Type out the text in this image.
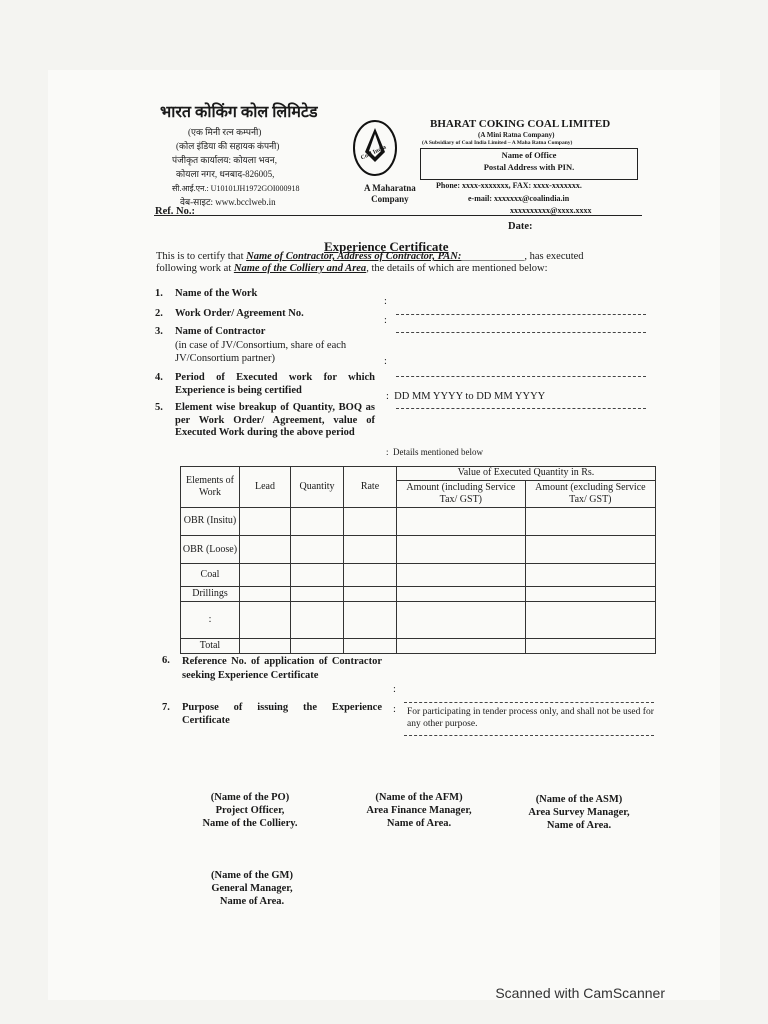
भारत कोकिंग कोल लिमिटेड
(एक मिनी रत्न कम्पनी)
(कोल इंडिया की सहायक कंपनी)
पंजीकृत कार्यालय: कोयला भवन,
कोयला नगर, धनबाद-826005,
सी.आई.एन.: U10101JH1972GOI000918
वेब-साइट: www.bcclweb.in
Coal India
A Maharatna
Company
BHARAT COKING COAL LIMITED
(A Mini Ratna Company)
(A Subsidiary of Coal India Limited – A Maha Ratna Company)
Name of Office
Postal Address with PIN.
Phone: xxxx-xxxxxxx, FAX: xxxx-xxxxxxx.
e-mail: xxxxxxx@coalindia.in
xxxxxxxxxx@xxxx.xxxx
Ref. No.:
Date:
Experience Certificate
This is to certify that Name of Contractor, Address of Contractor, PAN:____________, has executed
following work at Name of the Colliery and Area, the details of which are mentioned below:
1. Name of the Work
:
2. Work Order/ Agreement No.
:
3. Name of Contractor
(in case of JV/Consortium, share of each JV/Consortium partner)	:
4. Period of Executed work for which Experience is being certified
:  DD MM YYYY to DD MM YYYY
5. Element wise breakup of Quantity, BOQ as per Work Order/ Agreement, value of Executed Work during the above period
:  Details mentioned below
Elements of Work	Lead	Quantity	Rate	Value of Executed Quantity in Rs.	
				Amount (including Service Tax/ GST)	Amount (excluding Service Tax/ GST)
OBR (Insitu)					
OBR (Loose)					
Coal					
Drillings					
:					
Total					
6. Reference No. of application of Contractor seeking Experience Certificate
:
7. Purpose of issuing the Experience Certificate
: For participating in tender process only, and shall not be used for any other purpose.
(Name of the PO)
Project Officer,
Name of the Colliery.
(Name of the AFM)
Area Finance Manager,
Name of Area.
(Name of the ASM)
Area Survey Manager,
Name of Area.
(Name of the GM)
General Manager,
Name of Area.
Scanned with CamScanner
